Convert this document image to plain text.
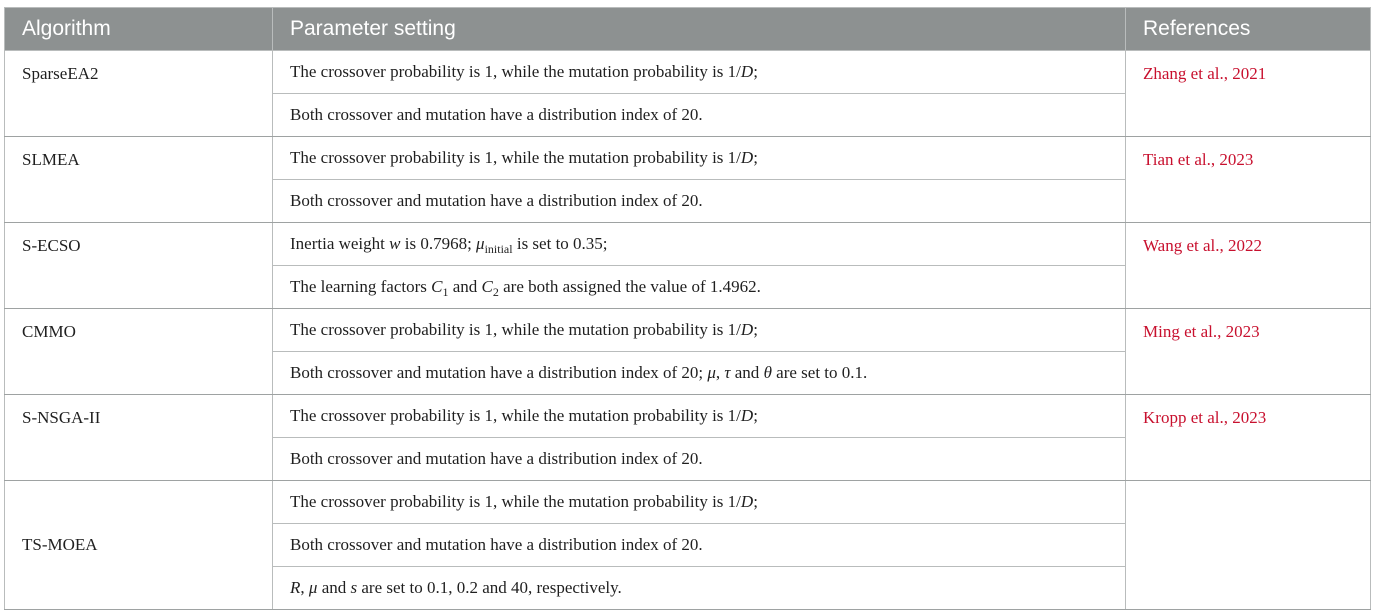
Algorithm	Parameter setting	References
SparseEA2	The crossover probability is 1, while the mutation probability is 1/D;	Zhang et al., 2021
	Both crossover and mutation have a distribution index of 20.	
SLMEA	The crossover probability is 1, while the mutation probability is 1/D;	Tian et al., 2023
	Both crossover and mutation have a distribution index of 20.	
S-ECSO	Inertia weight w is 0.7968; $\mu_{initial}$ is set to 0.35;	Wang et al., 2022
	The learning factors $C_1$ and $C_2$ are both assigned the value of 1.4962.	
CMMO	The crossover probability is 1, while the mutation probability is 1/D;	Ming et al., 2023
	Both crossover and mutation have a distribution index of 20; μ, τ and θ are set to 0.1.	
S-NSGA-II	The crossover probability is 1, while the mutation probability is 1/D;	Kropp et al., 2023
	Both crossover and mutation have a distribution index of 20.	
TS-MOEA	The crossover probability is 1, while the mutation probability is 1/D;	
	Both crossover and mutation have a distribution index of 20.	
	R, μ and s are set to 0.1, 0.2 and 40, respectively.	
